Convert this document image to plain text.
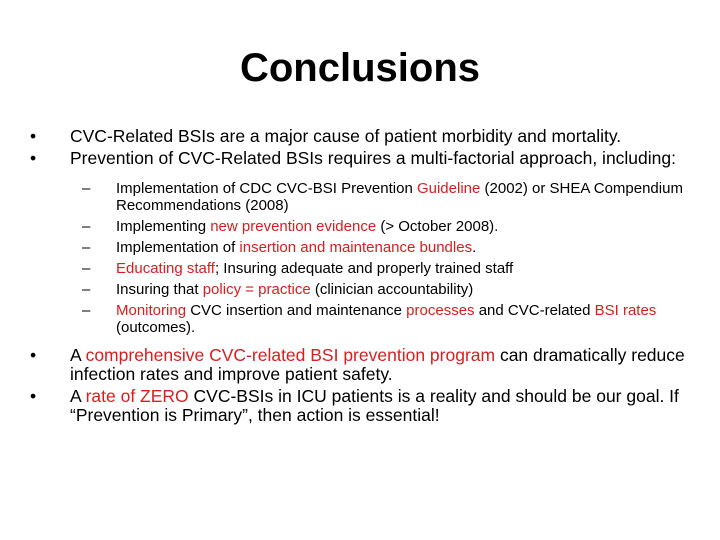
Conclusions
•	CVC-Related BSIs are a major cause of patient morbidity and mortality.
•	Prevention of CVC-Related BSIs requires a multi-factorial approach, including:
–	Implementation of CDC CVC-BSI Prevention Guideline (2002) or SHEA Compendium Recommendations (2008)
–	Implementing new prevention evidence (> October 2008).
–	Implementation of insertion and maintenance bundles.
–	Educating staff; Insuring adequate and properly trained staff
–	Insuring that policy = practice (clinician accountability)
–	Monitoring CVC insertion and maintenance processes and CVC-related BSI rates (outcomes).
•	A comprehensive CVC-related BSI prevention program can dramatically reduce infection rates and improve patient safety.
•	A rate of ZERO CVC-BSIs in ICU patients is a reality and should be our goal. If “Prevention is Primary”, then action is essential!
